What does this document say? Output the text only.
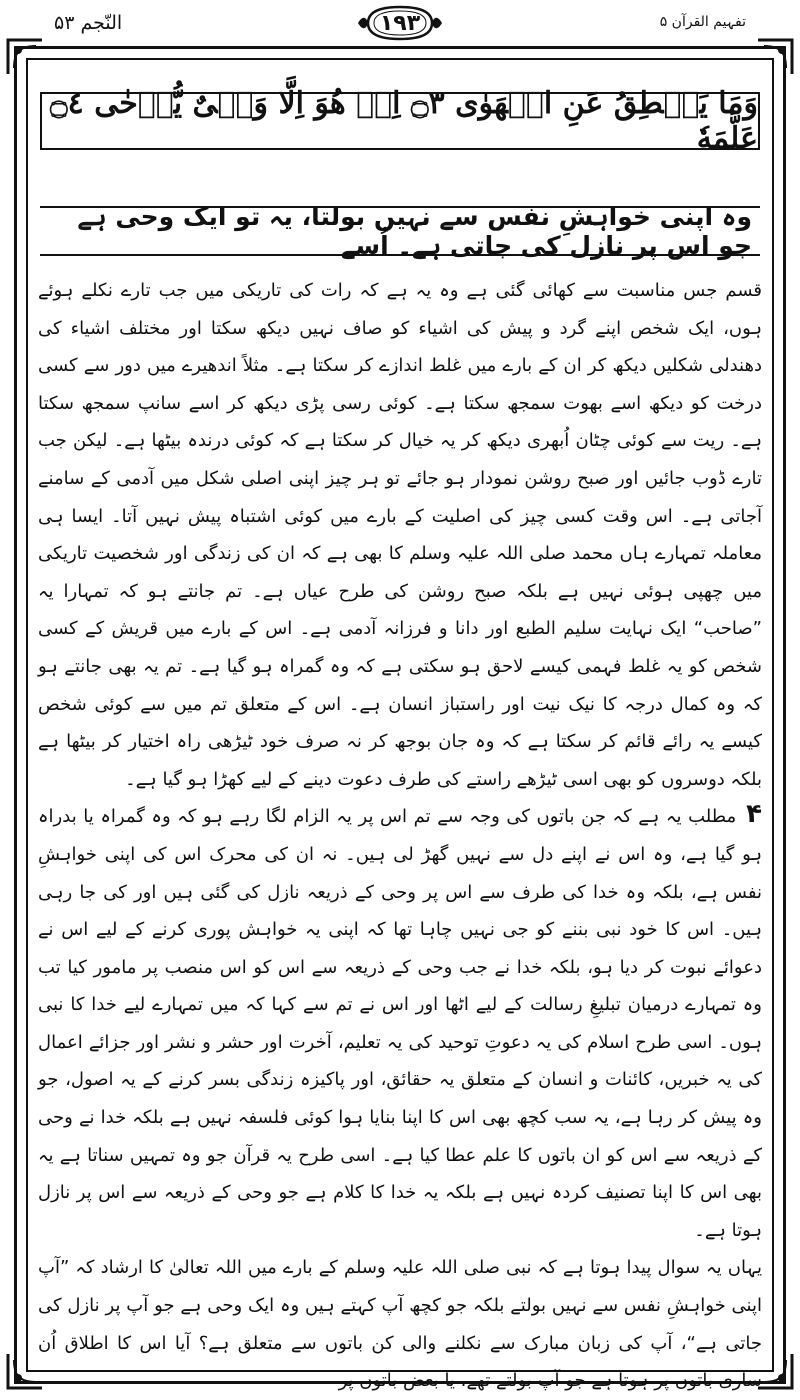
النّجم ۵۳	۱۹۳	تفہیم القرآن ۵
وَمَا يَنۡطِقُ عَنِ الۡهَوٰى ۝٣ اِنۡ هُوَ اِلَّا وَحۡىٌ يُّوۡحٰى ۝٤ عَلَّمَهٗ
وہ اپنی خواہشِ نفس سے نہیں بولتا، یہ تو ایک وحی ہے جو اس پر نازل کی جاتی ہے۔ اُسے

قسم جس مناسبت سے کھائی گئی ہے وہ یہ ہے کہ رات کی تاریکی میں جب تارے نکلے ہوئے ہوں، ایک شخص اپنے گرد و پیش کی اشیاء کو صاف نہیں دیکھ سکتا اور مختلف اشیاء کی دھندلی شکلیں دیکھ کر ان کے بارے میں غلط اندازے کر سکتا ہے۔ مثلاً اندھیرے میں دور سے کسی درخت کو دیکھ اسے بھوت سمجھ سکتا ہے۔ کوئی رسی پڑی دیکھ کر اسے سانپ سمجھ سکتا ہے۔ ریت سے کوئی چٹان اُبھری دیکھ کر یہ خیال کر سکتا ہے کہ کوئی درندہ بیٹھا ہے۔ لیکن جب تارے ڈوب جائیں اور صبح روشن نمودار ہو جائے تو ہر چیز اپنی اصلی شکل میں آدمی کے سامنے آجاتی ہے۔ اس وقت کسی چیز کی اصلیت کے بارے میں کوئی اشتباہ پیش نہیں آتا۔ ایسا ہی معاملہ تمہارے ہاں محمد صلی اللہ علیہ وسلم کا بھی ہے کہ ان کی زندگی اور شخصیت تاریکی میں چھپی ہوئی نہیں ہے بلکہ صبح روشن کی طرح عیاں ہے۔ تم جانتے ہو کہ تمہارا یہ ”صاحب“ ایک نہایت سلیم الطبع اور دانا و فرزانہ آدمی ہے۔ اس کے بارے میں قریش کے کسی شخص کو یہ غلط فہمی کیسے لاحق ہو سکتی ہے کہ وہ گمراہ ہو گیا ہے۔ تم یہ بھی جانتے ہو کہ وہ کمال درجہ کا نیک نیت اور راستباز انسان ہے۔ اس کے متعلق تم میں سے کوئی شخص کیسے یہ رائے قائم کر سکتا ہے کہ وہ جان بوجھ کر نہ صرف خود ٹیڑھی راہ اختیار کر بیٹھا ہے بلکہ دوسروں کو بھی اسی ٹیڑھے راستے کی طرف دعوت دینے کے لیے کھڑا ہو گیا ہے۔

۴مطلب یہ ہے کہ جن باتوں کی وجہ سے تم اس پر یہ الزام لگا رہے ہو کہ وہ گمراہ یا بدراہ ہو گیا ہے، وہ اس نے اپنے دل سے نہیں گھڑ لی ہیں۔ نہ ان کی محرک اس کی اپنی خواہشِ نفس ہے، بلکہ وہ خدا کی طرف سے اس پر وحی کے ذریعہ نازل کی گئی ہیں اور کی جا رہی ہیں۔ اس کا خود نبی بننے کو جی نہیں چاہا تھا کہ اپنی یہ خواہش پوری کرنے کے لیے اس نے دعوائے نبوت کر دیا ہو، بلکہ خدا نے جب وحی کے ذریعہ سے اس کو اس منصب پر مامور کیا تب وہ تمہارے درمیان تبلیغِ رسالت کے لیے اٹھا اور اس نے تم سے کہا کہ میں تمہارے لیے خدا کا نبی ہوں۔ اسی طرح اسلام کی یہ دعوتِ توحید کی یہ تعلیم، آخرت اور حشر و نشر اور جزائے اعمال کی یہ خبریں، کائنات و انسان کے متعلق یہ حقائق، اور پاکیزہ زندگی بسر کرنے کے یہ اصول، جو وہ پیش کر رہا ہے، یہ سب کچھ بھی اس کا اپنا بنایا ہوا کوئی فلسفہ نہیں ہے بلکہ خدا نے وحی کے ذریعہ سے اس کو ان باتوں کا علم عطا کیا ہے۔ اسی طرح یہ قرآن جو وہ تمہیں سناتا ہے یہ بھی اس کا اپنا تصنیف کردہ نہیں ہے بلکہ یہ خدا کا کلام ہے جو وحی کے ذریعہ سے اس پر نازل ہوتا ہے۔

یہاں یہ سوال پیدا ہوتا ہے کہ نبی صلی اللہ علیہ وسلم کے بارے میں اللہ تعالیٰ کا ارشاد کہ ”آپ اپنی خواہشِ نفس سے نہیں بولتے بلکہ جو کچھ آپ کہتے ہیں وہ ایک وحی ہے جو آپ پر نازل کی جاتی ہے“، آپ کی زبان مبارک سے نکلنے والی کن باتوں سے متعلق ہے؟ آیا اس کا اطلاق اُن ساری باتوں پر ہوتا ہے جو آپ بولتے تھے، یا بعض باتوں پر
